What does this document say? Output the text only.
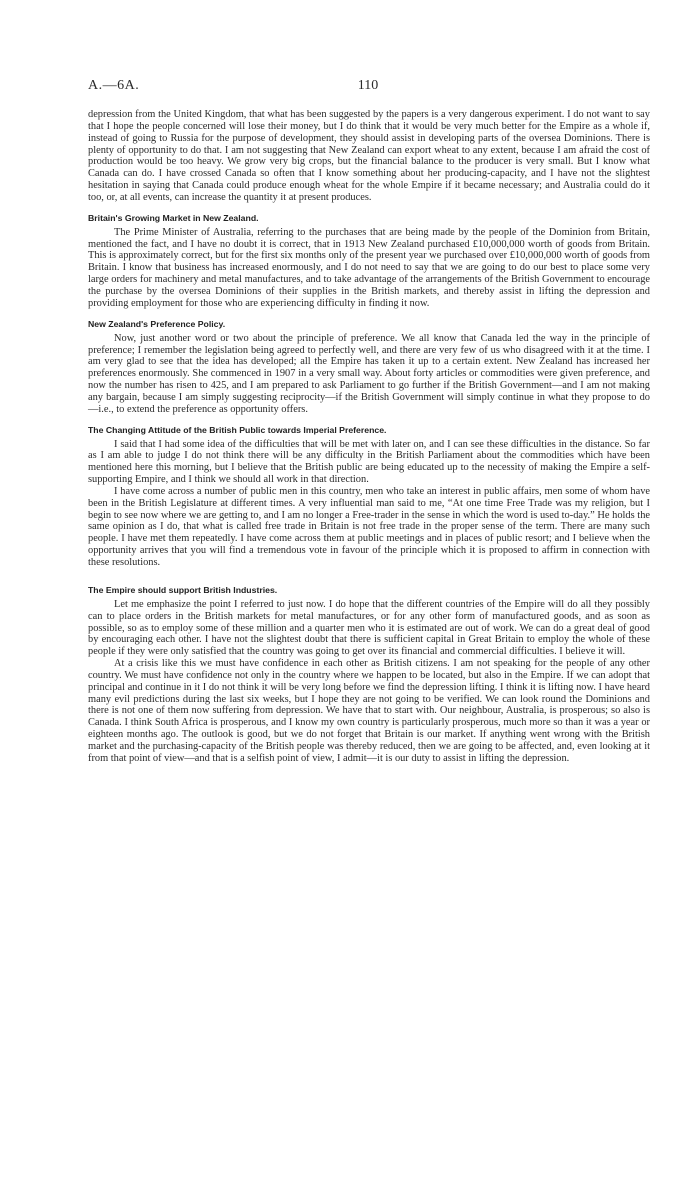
A.—6A.	110

depression from the United Kingdom, that what has been suggested by the papers is a very dangerous experiment. I do not want to say that I hope the people concerned will lose their money, but I do think that it would be very much better for the Empire as a whole if, instead of going to Russia for the purpose of development, they should assist in developing parts of the oversea Dominions. There is plenty of opportunity to do that. I am not suggesting that New Zealand can export wheat to any extent, because I am afraid the cost of production would be too heavy. We grow very big crops, but the financial balance to the producer is very small. But I know what Canada can do. I have crossed Canada so often that I know something about her producing-capacity, and I have not the slightest hesitation in saying that Canada could produce enough wheat for the whole Empire if it became necessary; and Australia could do it too, or, at all events, can increase the quantity it at present produces.

Britain's Growing Market in New Zealand.

The Prime Minister of Australia, referring to the purchases that are being made by the people of the Dominion from Britain, mentioned the fact, and I have no doubt it is correct, that in 1913 New Zealand purchased £10,000,000 worth of goods from Britain. This is approximately correct, but for the first six months only of the present year we purchased over £10,000,000 worth of goods from Britain. I know that business has increased enormously, and I do not need to say that we are going to do our best to place some very large orders for machinery and metal manufactures, and to take advantage of the arrangements of the British Government to encourage the purchase by the oversea Dominions of their supplies in the British markets, and thereby assist in lifting the depression and providing employment for those who are experiencing difficulty in finding it now.

New Zealand's Preference Policy.

Now, just another word or two about the principle of preference. We all know that Canada led the way in the principle of preference; I remember the legislation being agreed to perfectly well, and there are very few of us who disagreed with it at the time. I am very glad to see that the idea has developed; all the Empire has taken it up to a certain extent. New Zealand has increased her preferences enormously. She commenced in 1907 in a very small way. About forty articles or commodities were given preference, and now the number has risen to 425, and I am prepared to ask Parliament to go further if the British Government—and I am not making any bargain, because I am simply suggesting reciprocity—if the British Government will simply continue in what they propose to do—i.e., to extend the preference as opportunity offers.

The Changing Attitude of the British Public towards Imperial Preference.

I said that I had some idea of the difficulties that will be met with later on, and I can see these difficulties in the distance. So far as I am able to judge I do not think there will be any difficulty in the British Parliament about the commodities which have been mentioned here this morning, but I believe that the British public are being educated up to the necessity of making the Empire a self-supporting Empire, and I think we should all work in that direction.

I have come across a number of public men in this country, men who take an interest in public affairs, men some of whom have been in the British Legislature at different times. A very influential man said to me, “At one time Free Trade was my religion, but I begin to see now where we are getting to, and I am no longer a Free-trader in the sense in which the word is used to-day.” He holds the same opinion as I do, that what is called free trade in Britain is not free trade in the proper sense of the term. There are many such people. I have met them repeatedly. I have come across them at public meetings and in places of public resort; and I believe when the opportunity arrives that you will find a tremendous vote in favour of the principle which it is proposed to affirm in connection with these resolutions.

The Empire should support British Industries.

Let me emphasize the point I referred to just now. I do hope that the different countries of the Empire will do all they possibly can to place orders in the British markets for metal manufactures, or for any other form of manufactured goods, and as soon as possible, so as to employ some of these million and a quarter men who it is estimated are out of work. We can do a great deal of good by encouraging each other. I have not the slightest doubt that there is sufficient capital in Great Britain to employ the whole of these people if they were only satisfied that the country was going to get over its financial and commercial difficulties. I believe it will.

At a crisis like this we must have confidence in each other as British citizens. I am not speaking for the people of any other country. We must have confidence not only in the country where we happen to be located, but also in the Empire. If we can adopt that principal and continue in it I do not think it will be very long before we find the depression lifting. I think it is lifting now. I have heard many evil predictions during the last six weeks, but I hope they are not going to be verified. We can look round the Dominions and there is not one of them now suffering from depression. We have that to start with. Our neighbour, Australia, is prosperous; so also is Canada. I think South Africa is prosperous, and I know my own country is particularly prosperous, much more so than it was a year or eighteen months ago. The outlook is good, but we do not forget that Britain is our market. If anything went wrong with the British market and the purchasing-capacity of the British people was thereby reduced, then we are going to be affected, and, even looking at it from that point of view—and that is a selfish point of view, I admit—it is our duty to assist in lifting the depression.
